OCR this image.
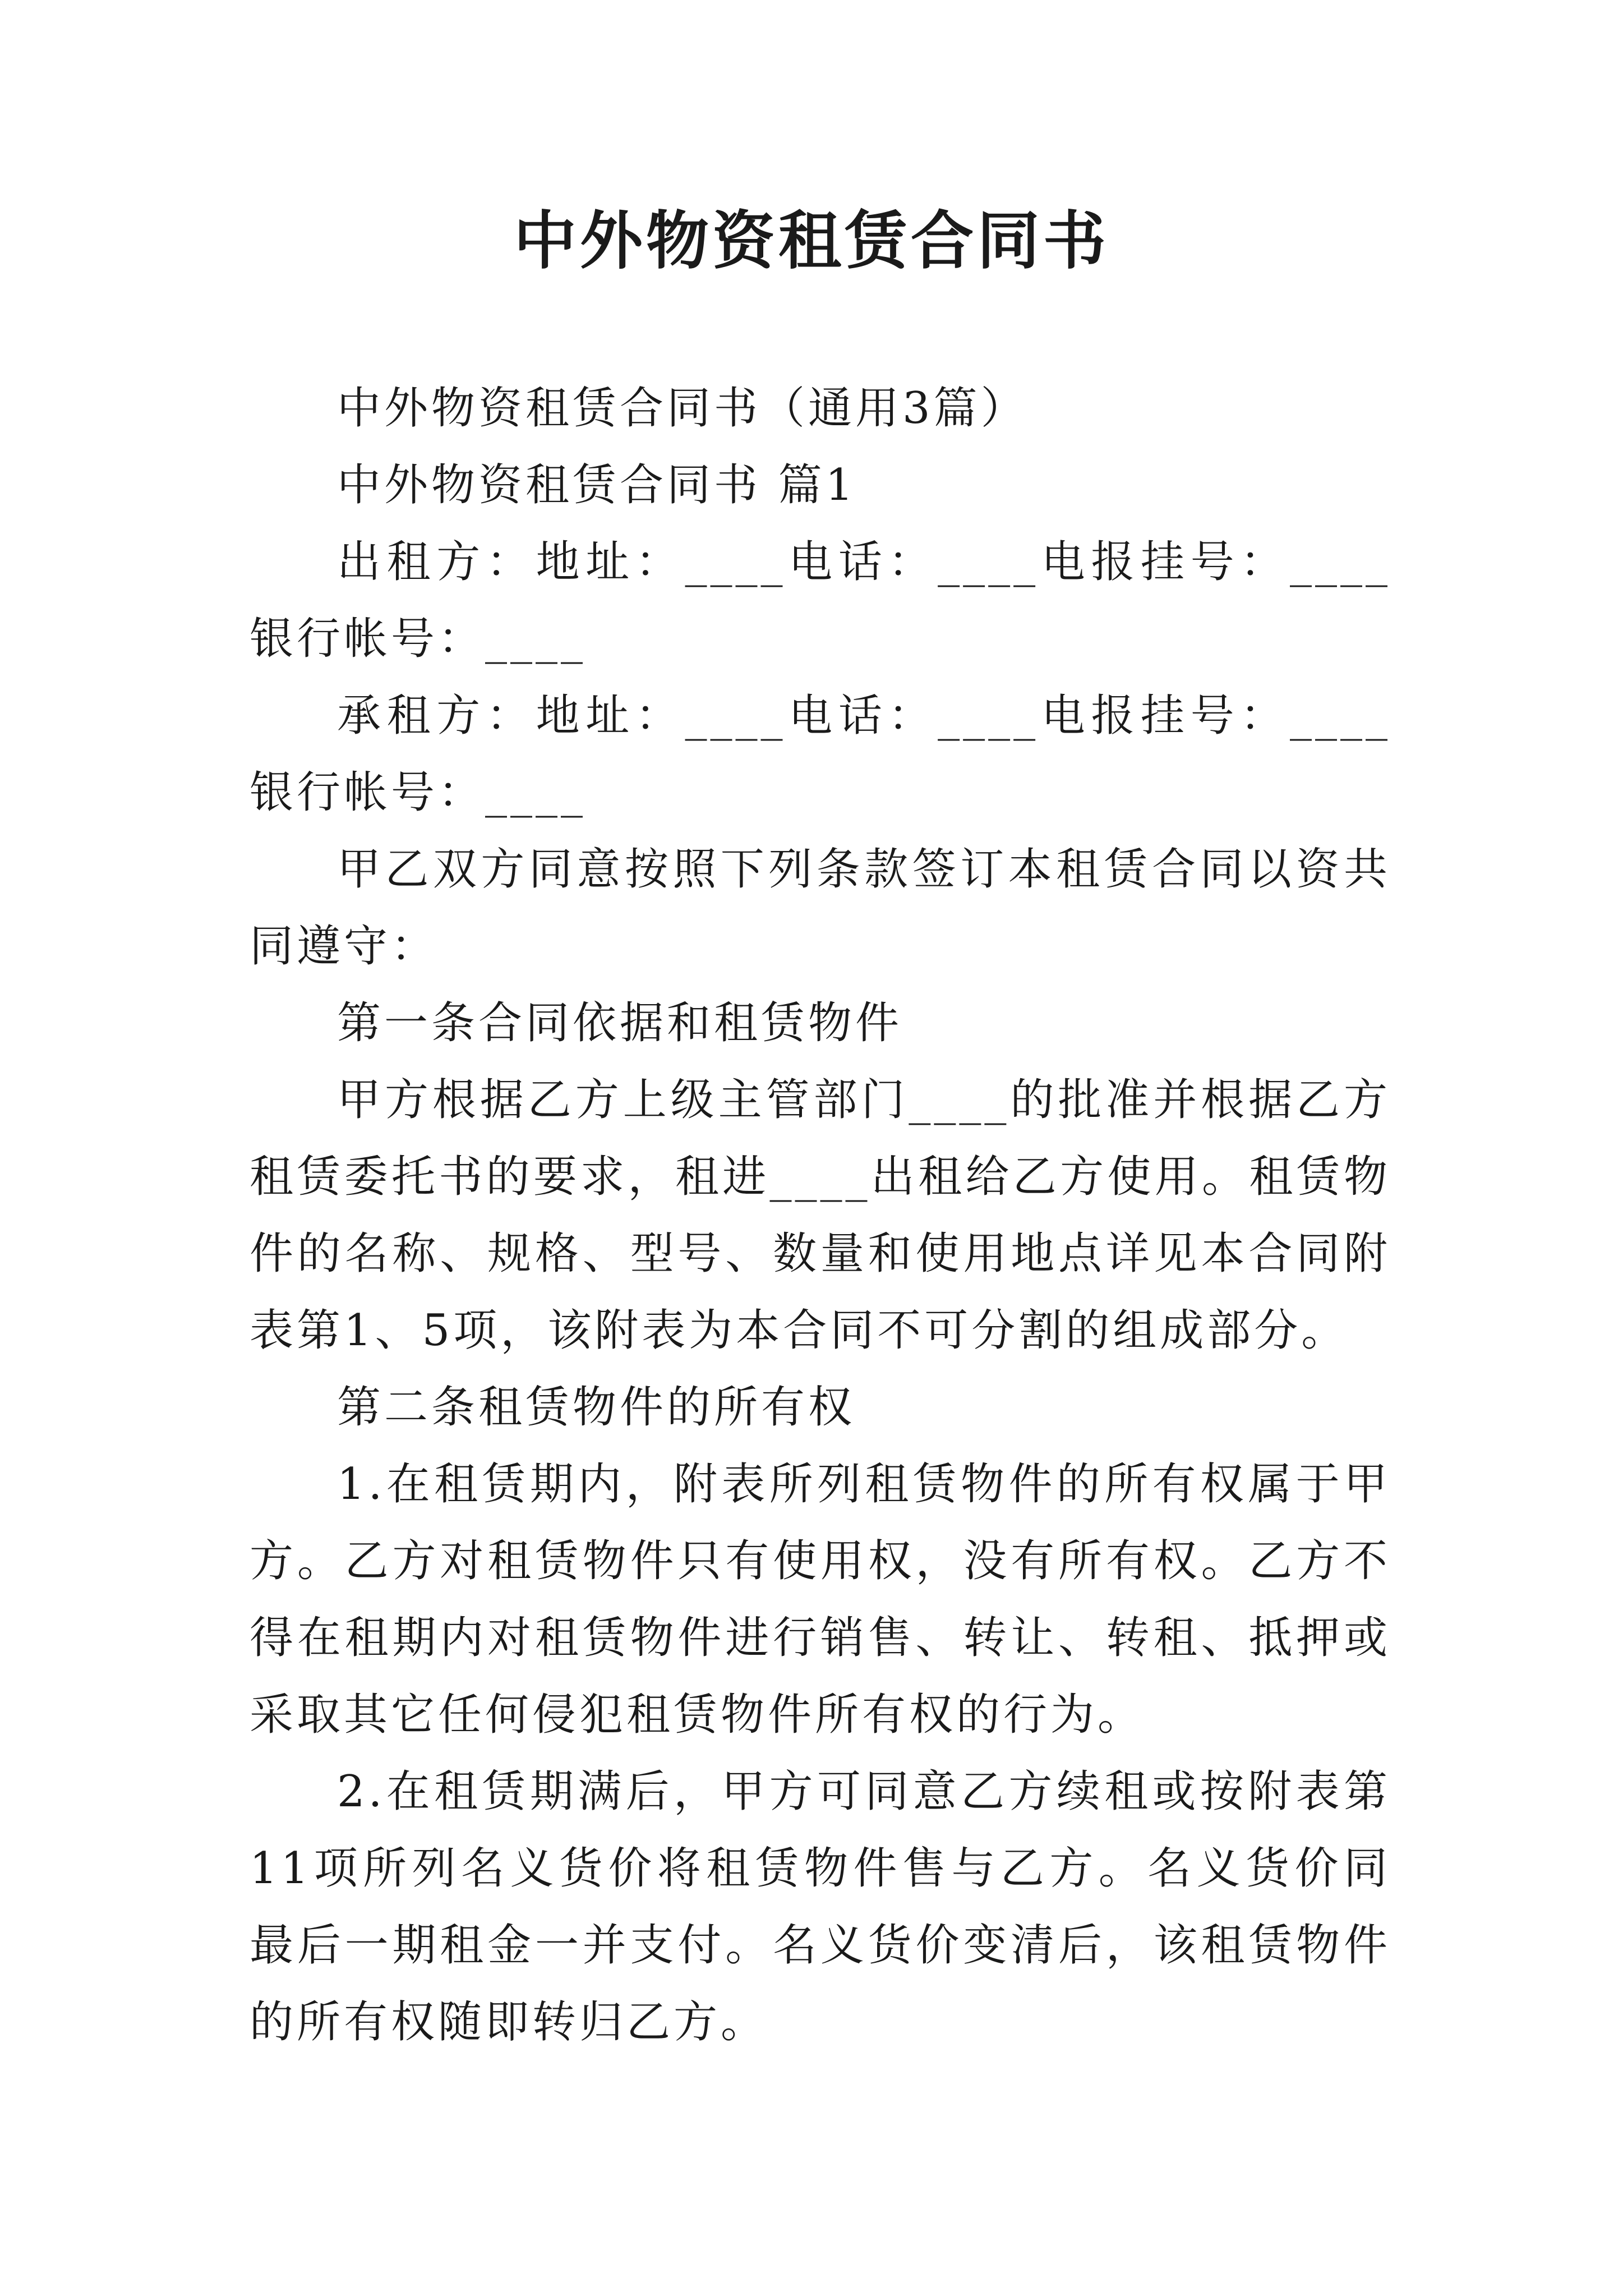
中外物资租赁合同书

中外物资租赁合同书（通用3篇）

中外物资租赁合同书 篇1

出租方：地址：____电话：____电报挂号：____银行帐号：____

承租方：地址：____电话：____电报挂号：____银行帐号：____

甲乙双方同意按照下列条款签订本租赁合同以资共同遵守：

第一条合同依据和租赁物件

甲方根据乙方上级主管部门____的批准并根据乙方租赁委托书的要求，租进____出租给乙方使用。租赁物件的名称、规格、型号、数量和使用地点详见本合同附表第1、5项，该附表为本合同不可分割的组成部分。

第二条租赁物件的所有权

1.在租赁期内，附表所列租赁物件的所有权属于甲方。乙方对租赁物件只有使用权，没有所有权。乙方不得在租期内对租赁物件进行销售、转让、转租、抵押或采取其它任何侵犯租赁物件所有权的行为。

2.在租赁期满后，甲方可同意乙方续租或按附表第11项所列名义货价将租赁物件售与乙方。名义货价同最后一期租金一并支付。名义货价变清后，该租赁物件的所有权随即转归乙方。
